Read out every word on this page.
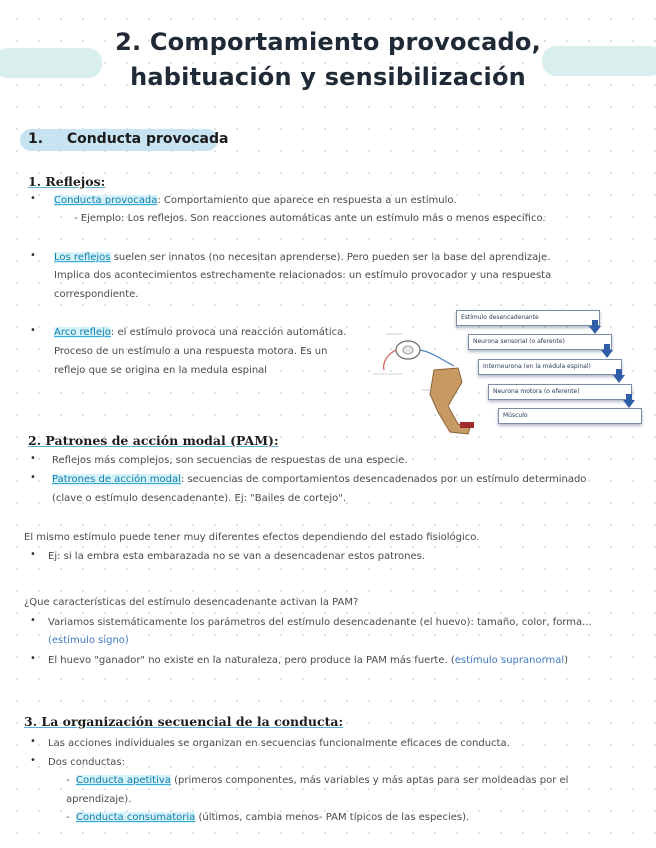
2. Comportamiento provocado,
habituación y sensibilización
1. Conducta provocada
1. Reflejos:
• Conducta provocada: Comportamiento que aparece en respuesta a un estímulo.
- Ejemplo: Los reflejos. Son reacciones automáticas ante un estímulo más o menos específico.
• Los reflejos suelen ser innatos (no necesitan aprenderse). Pero pueden ser la base del aprendizaje.
Implica dos acontecimientos estrechamente relacionados: un estímulo provocador y una respuesta
correspondiente.
• Arco reflejo: el estímulo provoca una reacción automática.
Proceso de un estímulo a una respuesta motora. Es un
reflejo que se origina en la medula espinal
Estímulo desencadenante
Neurona sensorial (o aferente)
Interneurona (en la médula espinal)
Neurona motora (o eferente)
Músculo
2. Patrones de acción modal (PAM):
• Reflejos más complejos, son secuencias de respuestas de una especie.
• Patrones de acción modal: secuencias de comportamientos desencadenados por un estímulo determinado
(clave o estímulo desencadenante). Ej: "Bailes de cortejo".
El mismo estímulo puede tener muy diferentes efectos dependiendo del estado fisiológico.
• Ej: si la embra esta embarazada no se van a desencadenar estos patrones.
¿Que características del estímulo desencadenante activan la PAM?
• Variamos sistemáticamente los parámetros del estímulo desencadenante (el huevo): tamaño, color, forma...
(estímulo signo)
• El huevo "ganador" no existe en la naturaleza, pero produce la PAM más fuerte. (estímulo supranormal)
3. La organización secuencial de la conducta:
• Las acciones individuales se organizan en secuencias funcionalmente eficaces de conducta.
• Dos conductas:
- Conducta apetitiva (primeros componentes, más variables y más aptas para ser moldeadas por el
aprendizaje).
- Conducta consumatoria (últimos, cambia menos- PAM típicos de las especies).
